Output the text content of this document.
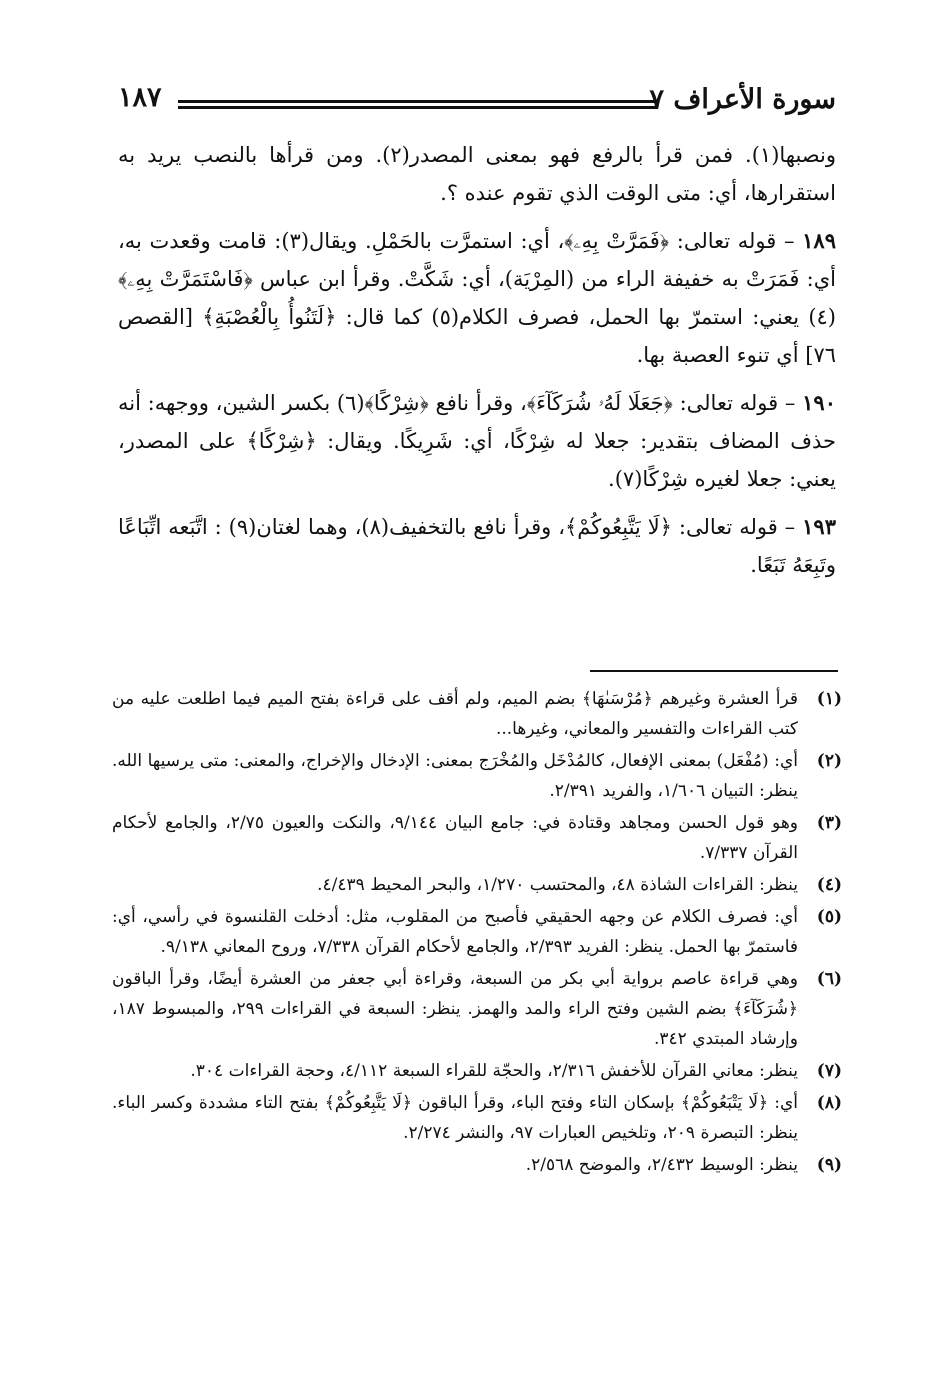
سورة الأعراف ٧
١٨٧

ونصبها(١). فمن قرأ بالرفع فهو بمعنى المصدر(٢). ومن قرأها بالنصب يريد به استقرارها، أي: متى الوقت الذي تقوم عنده ؟.

١٨٩ – قوله تعالى: ﴿فَمَرَّتْ بِهِۦ﴾، أي: استمرَّت بالحَمْلِ. ويقال(٣): قامت وقعدت به، أي: فَمَرَتْ به خفيفة الراء من (المِرْيَة)، أي: شَكَّتْ. وقرأ ابن عباس ﴿فَاسْتَمَرَّتْ بِهِۦ﴾(٤) يعني: استمرّ بها الحمل، فصرف الكلام(٥) كما قال: ﴿لَتَنُوأُ بِالْعُصْبَةِ﴾ [القصص ٧٦] أي تنوء العصبة بها.

١٩٠ – قوله تعالى: ﴿جَعَلَا لَهُۥ شُرَكَآءَ﴾، وقرأ نافع ﴿شِرْكًا﴾(٦) بكسر الشين، ووجهه: أنه حذف المضاف بتقدير: جعلا له شِرْكًا، أي: شَرِيكًا. ويقال: ﴿شِرْكًا﴾ على المصدر، يعني: جعلا لغيره شِرْكًا(٧).

١٩٣ – قوله تعالى: ﴿لَا يَتَّبِعُوكُمْ﴾، وقرأ نافع بالتخفيف(٨)، وهما لغتان(٩) : اتَّبَعه اتِّبَاعًا وتَبِعَهُ تَبَعًا.

(١)
قرأ العشرة وغيرهم ﴿مُرْسَىٰهَا﴾ بضم الميم، ولم أقف على قراءة بفتح الميم فيما اطلعت عليه من كتب القراءات والتفسير والمعاني، وغيرها...
(٢)
أي: (مُفْعَل) بمعنى الإفعال، كالمُدْخَل والمُخْرَج بمعنى: الإدخال والإخراج، والمعنى: متى يرسيها الله. ينظر: التبيان ١/٦٠٦، والفريد ٢/٣٩١.
(٣)
وهو قول الحسن ومجاهد وقتادة في: جامع البيان ٩/١٤٤، والنكت والعيون ٢/٧٥، والجامع لأحكام القرآن ٧/٣٣٧.
(٤)
ينظر: القراءات الشاذة ٤٨، والمحتسب ١/٢٧٠، والبحر المحيط ٤/٤٣٩.
(٥)
أي: فصرف الكلام عن وجهه الحقيقي فأصبح من المقلوب، مثل: أدخلت القلنسوة في رأسي، أي: فاستمرّ بها الحمل. ينظر: الفريد ٢/٣٩٣، والجامع لأحكام القرآن ٧/٣٣٨، وروح المعاني ٩/١٣٨.
(٦)
وهي قراءة عاصم برواية أبي بكر من السبعة، وقراءة أبي جعفر من العشرة أيضًا، وقرأ الباقون ﴿شُرَكَآءَ﴾ بضم الشين وفتح الراء والمد والهمز. ينظر: السبعة في القراءات ٢٩٩، والمبسوط ١٨٧، وإرشاد المبتدي ٣٤٢.
(٧)
ينظر: معاني القرآن للأخفش ٢/٣١٦، والحجّة للقراء السبعة ٤/١١٢، وحجة القراءات ٣٠٤.
(٨)
أي: ﴿لَا يَتْبَعُوكُمْ﴾ بإسكان التاء وفتح الباء، وقرأ الباقون ﴿لَا يَتَّبِعُوكُمْ﴾ بفتح التاء مشددة وكسر الباء. ينظر: التبصرة ٢٠٩، وتلخيص العبارات ٩٧، والنشر ٢/٢٧٤.
(٩)
ينظر: الوسيط ٢/٤٣٢، والموضح ٢/٥٦٨.
